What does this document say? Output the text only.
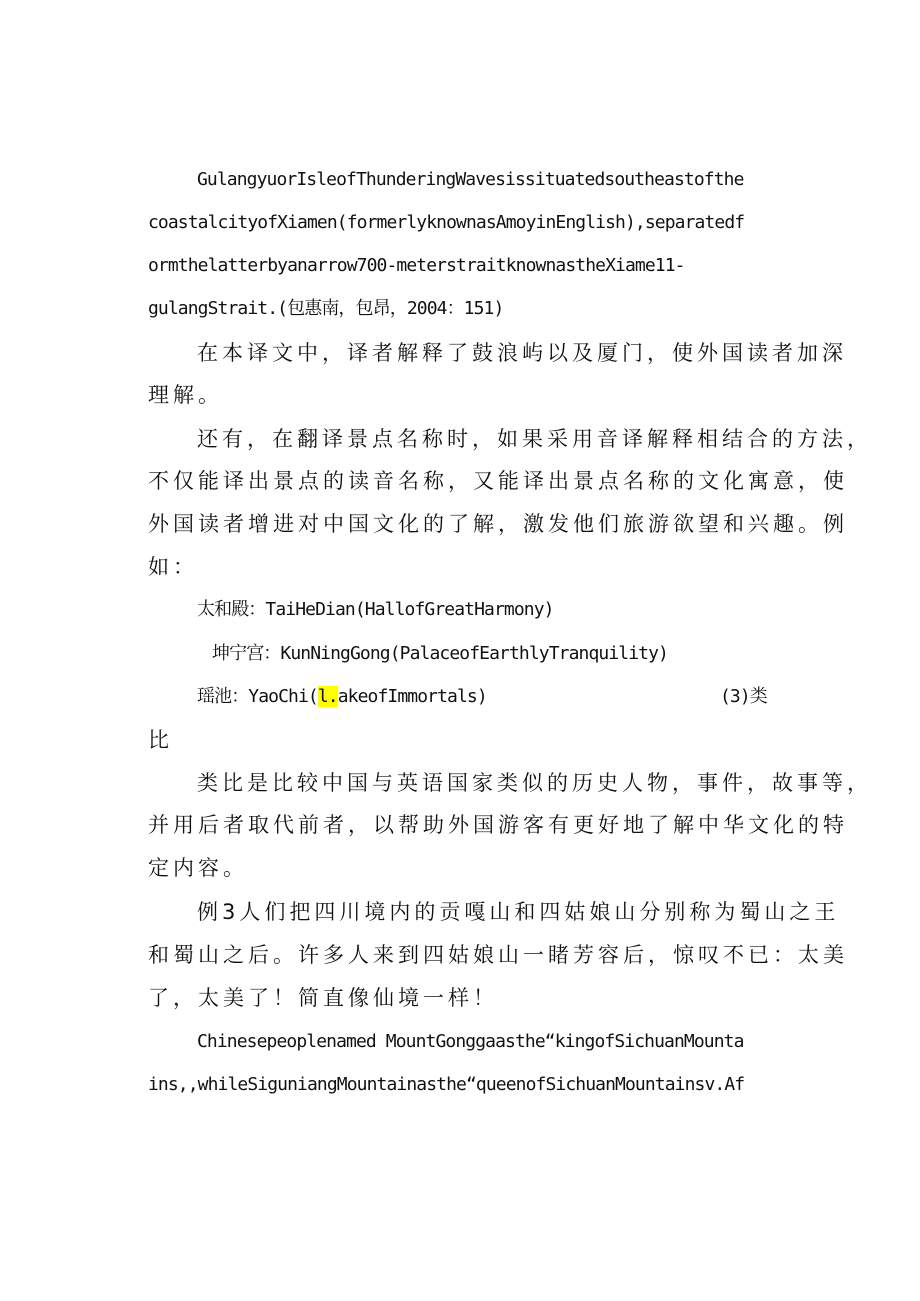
GulangyuorIsleofThunderingWavesissituatedsoutheastofthe
coastalcityofXiamen(formerlyknownasAmoyinEnglish),separatedf
ormthelatterbyanarrow700-meterstraitknownastheXiame11-
gulangStrait.(包惠南，包昂，2004：151)
在本译文中，译者解释了鼓浪屿以及厦门，使外国读者加深
理解。
还有，在翻译景点名称时，如果采用音译解释相结合的方法，
不仅能译出景点的读音名称，又能译出景点名称的文化寓意，使
外国读者增进对中国文化的了解，激发他们旅游欲望和兴趣。例
如：
太和殿：TaiHeDian(HallofGreatHarmony)
坤宁宫：KunNingGong(PalaceofEarthlyTranquility)
瑶池：YaoChi(l.akeofImmortals)	(3)类
比
类比是比较中国与英语国家类似的历史人物，事件，故事等，
并用后者取代前者，以帮助外国游客有更好地了解中华文化的特
定内容。
例3人们把四川境内的贡嘎山和四姑娘山分别称为蜀山之王
和蜀山之后。许多人来到四姑娘山一睹芳容后，惊叹不已：太美
了，太美了！简直像仙境一样！
Chinesepeoplenamed MountGonggaasthe“kingofSichuanMounta
ins,,whileSiguniangMountainasthe“queenofSichuanMountainsv.Af
